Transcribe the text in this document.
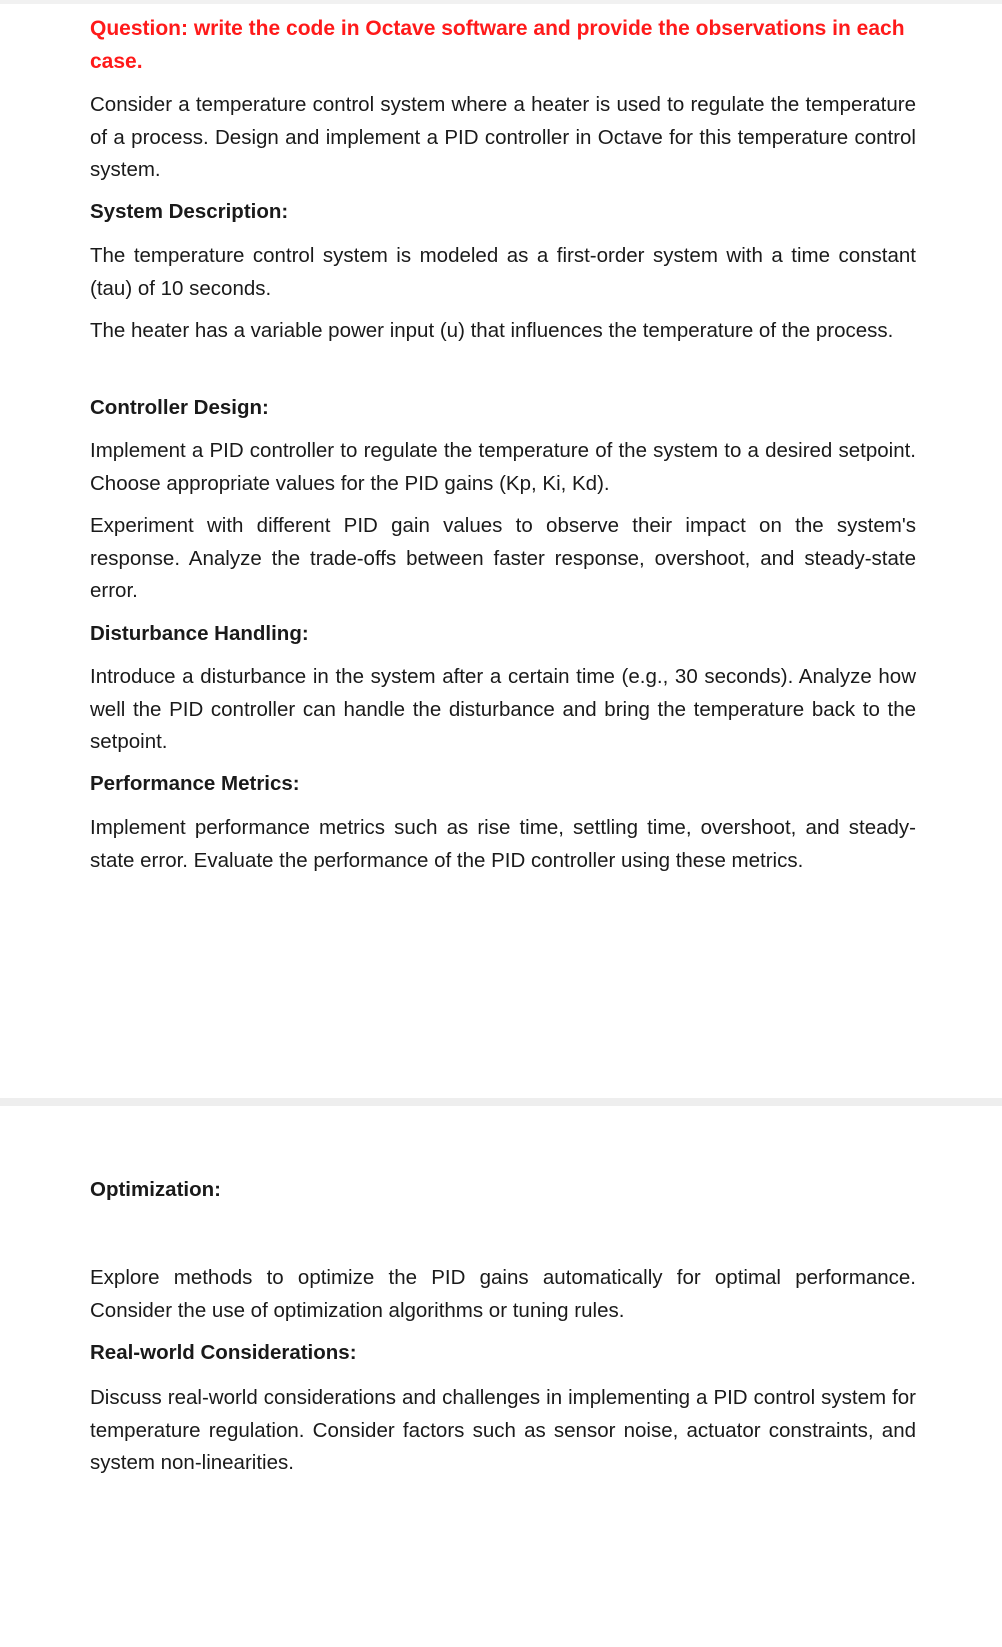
Question: write the code in Octave software and provide the observations in each case.

Consider a temperature control system where a heater is used to regulate the temperature of a process. Design and implement a PID controller in Octave for this temperature control system.

System Description:

The temperature control system is modeled as a first-order system with a time constant (tau) of 10 seconds.

The heater has a variable power input (u) that influences the temperature of the process.

Controller Design:

Implement a PID controller to regulate the temperature of the system to a desired setpoint. Choose appropriate values for the PID gains (Kp, Ki, Kd).

Experiment with different PID gain values to observe their impact on the system's response. Analyze the trade-offs between faster response, overshoot, and steady-state error.

Disturbance Handling:

Introduce a disturbance in the system after a certain time (e.g., 30 seconds). Analyze how well the PID controller can handle the disturbance and bring the temperature back to the setpoint.

Performance Metrics:

Implement performance metrics such as rise time, settling time, overshoot, and steady-state error. Evaluate the performance of the PID controller using these metrics.

Optimization:

Explore methods to optimize the PID gains automatically for optimal performance. Consider the use of optimization algorithms or tuning rules.

Real-world Considerations:

Discuss real-world considerations and challenges in implementing a PID control system for temperature regulation. Consider factors such as sensor noise, actuator constraints, and system non-linearities.
